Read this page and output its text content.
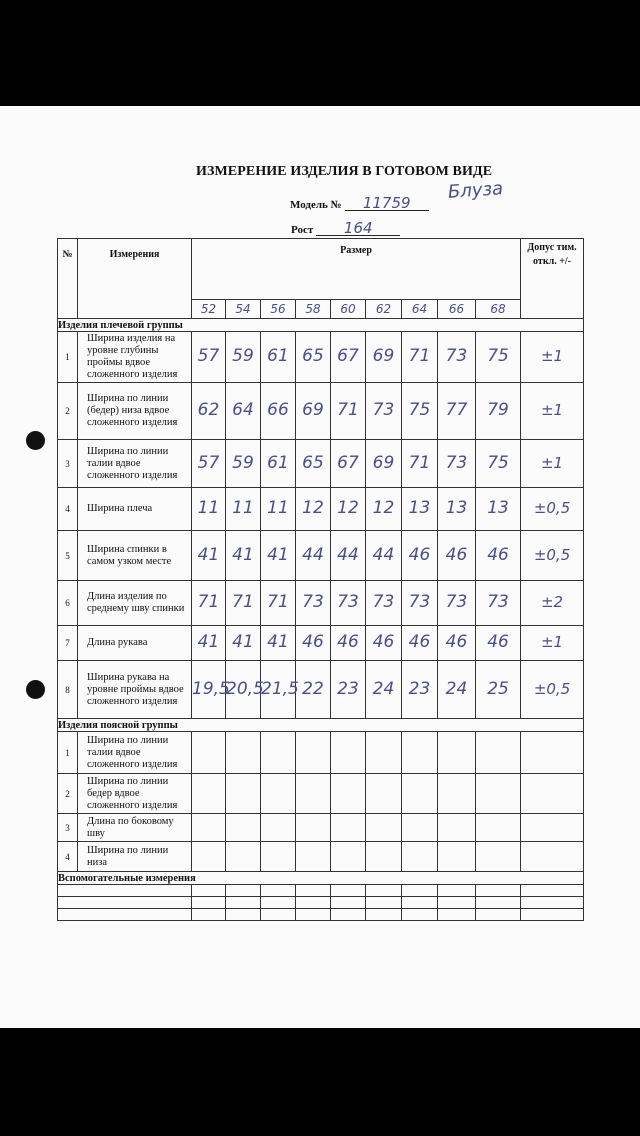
ИЗМЕРЕНИЕ ИЗДЕЛИЯ В ГОТОВОМ ВИДЕ
Модель № 11759
Блуза
Рост 164
№	Измерения	Размер									Допус тим. откл. +/-
		52	54	56	58	60	62	64	66	68	
Изделия плечевой группы											
1	Ширина изделия на уровне глубины проймы вдвое сложенного изделия	57	59	61	65	67	69	71	73	75	±1
2	Ширина по линии (бедер) низа вдвое сложенного изделия	62	64	66	69	71	73	75	77	79	±1
3	Ширина по линии талии вдвое сложенного изделия	57	59	61	65	67	69	71	73	75	±1
4	Ширина плеча	11	11	11	12	12	12	13	13	13	±0,5
5	Ширина спинки в самом узком месте	41	41	41	44	44	44	46	46	46	±0,5
6	Длина изделия по среднему шву спинки	71	71	71	73	73	73	73	73	73	±2
7	Длина рукава	41	41	41	46	46	46	46	46	46	±1
8	Ширина рукава на уровне проймы вдвое сложенного изделия	19,5	20,5	21,5	22	23	24	23	24	25	±0,5
Изделия поясной группы											
1	Ширина по линии талии вдвое сложенного изделия										
2	Ширина по линии бедер вдвое сложенного изделия										
3	Длина по боковому шву										
4	Ширина по линии низа										
Вспомогательные измерения											
